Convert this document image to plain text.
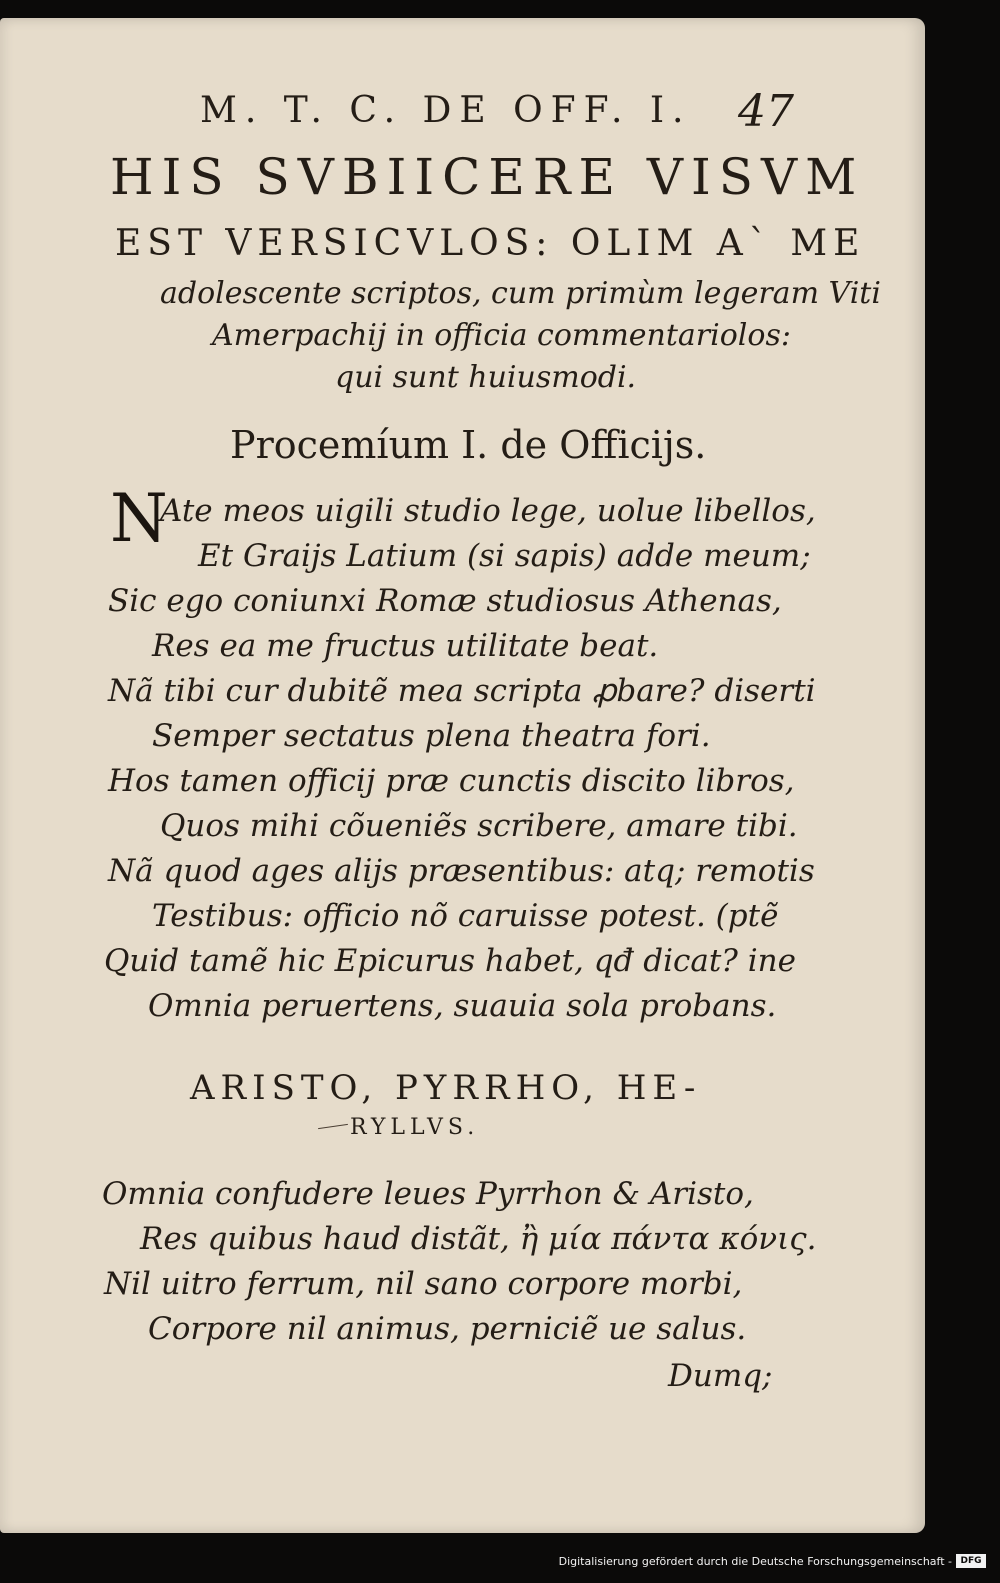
M. T. C. DE OFF. I. 47
HIS SVBIICERE VISVM
EST VERSICVLOS: OLIM A` ME
adolescente scriptos, cum primùm legeram Viti
Amerpachij in officia commentariolos:
qui sunt huiusmodi.
Procemíum I. de Officijs.
N
Ate meos uigili studio lege, uolue libellos,
Et Graijs Latium (si sapis) adde meum;
Sic ego coniunxi Romæ studiosus Athenas,
Res ea me fructus utilitate beat.
Nã tibi cur dubitẽ mea scripta ꝓbare? diserti
Semper sectatus plena theatra fori.
Hos tamen officij præ cunctis discito libros,
Quos mihi cõueniẽs scribere, amare tibi.
Nã quod ages alijs præsentibus: atq; remotis
Testibus: officio nõ caruisse potest. (ptẽ
Quid tamẽ hic Epicurus habet, qđ dicat? ine
Omnia peruertens, suauia sola probans.
ARISTO, PYRRHO, HE-
RYLLVS.
Omnia confudere leues Pyrrhon & Aristo,
Res quibus haud distãt, ἢ μία πάντα κόνις.
Nil uitro ferrum, nil sano corpore morbi,
Corpore nil animus, perniciẽ ue salus.
Dumq;
Digitalisierung gefördert durch die Deutsche Forschungsgemeinschaft - DFG
